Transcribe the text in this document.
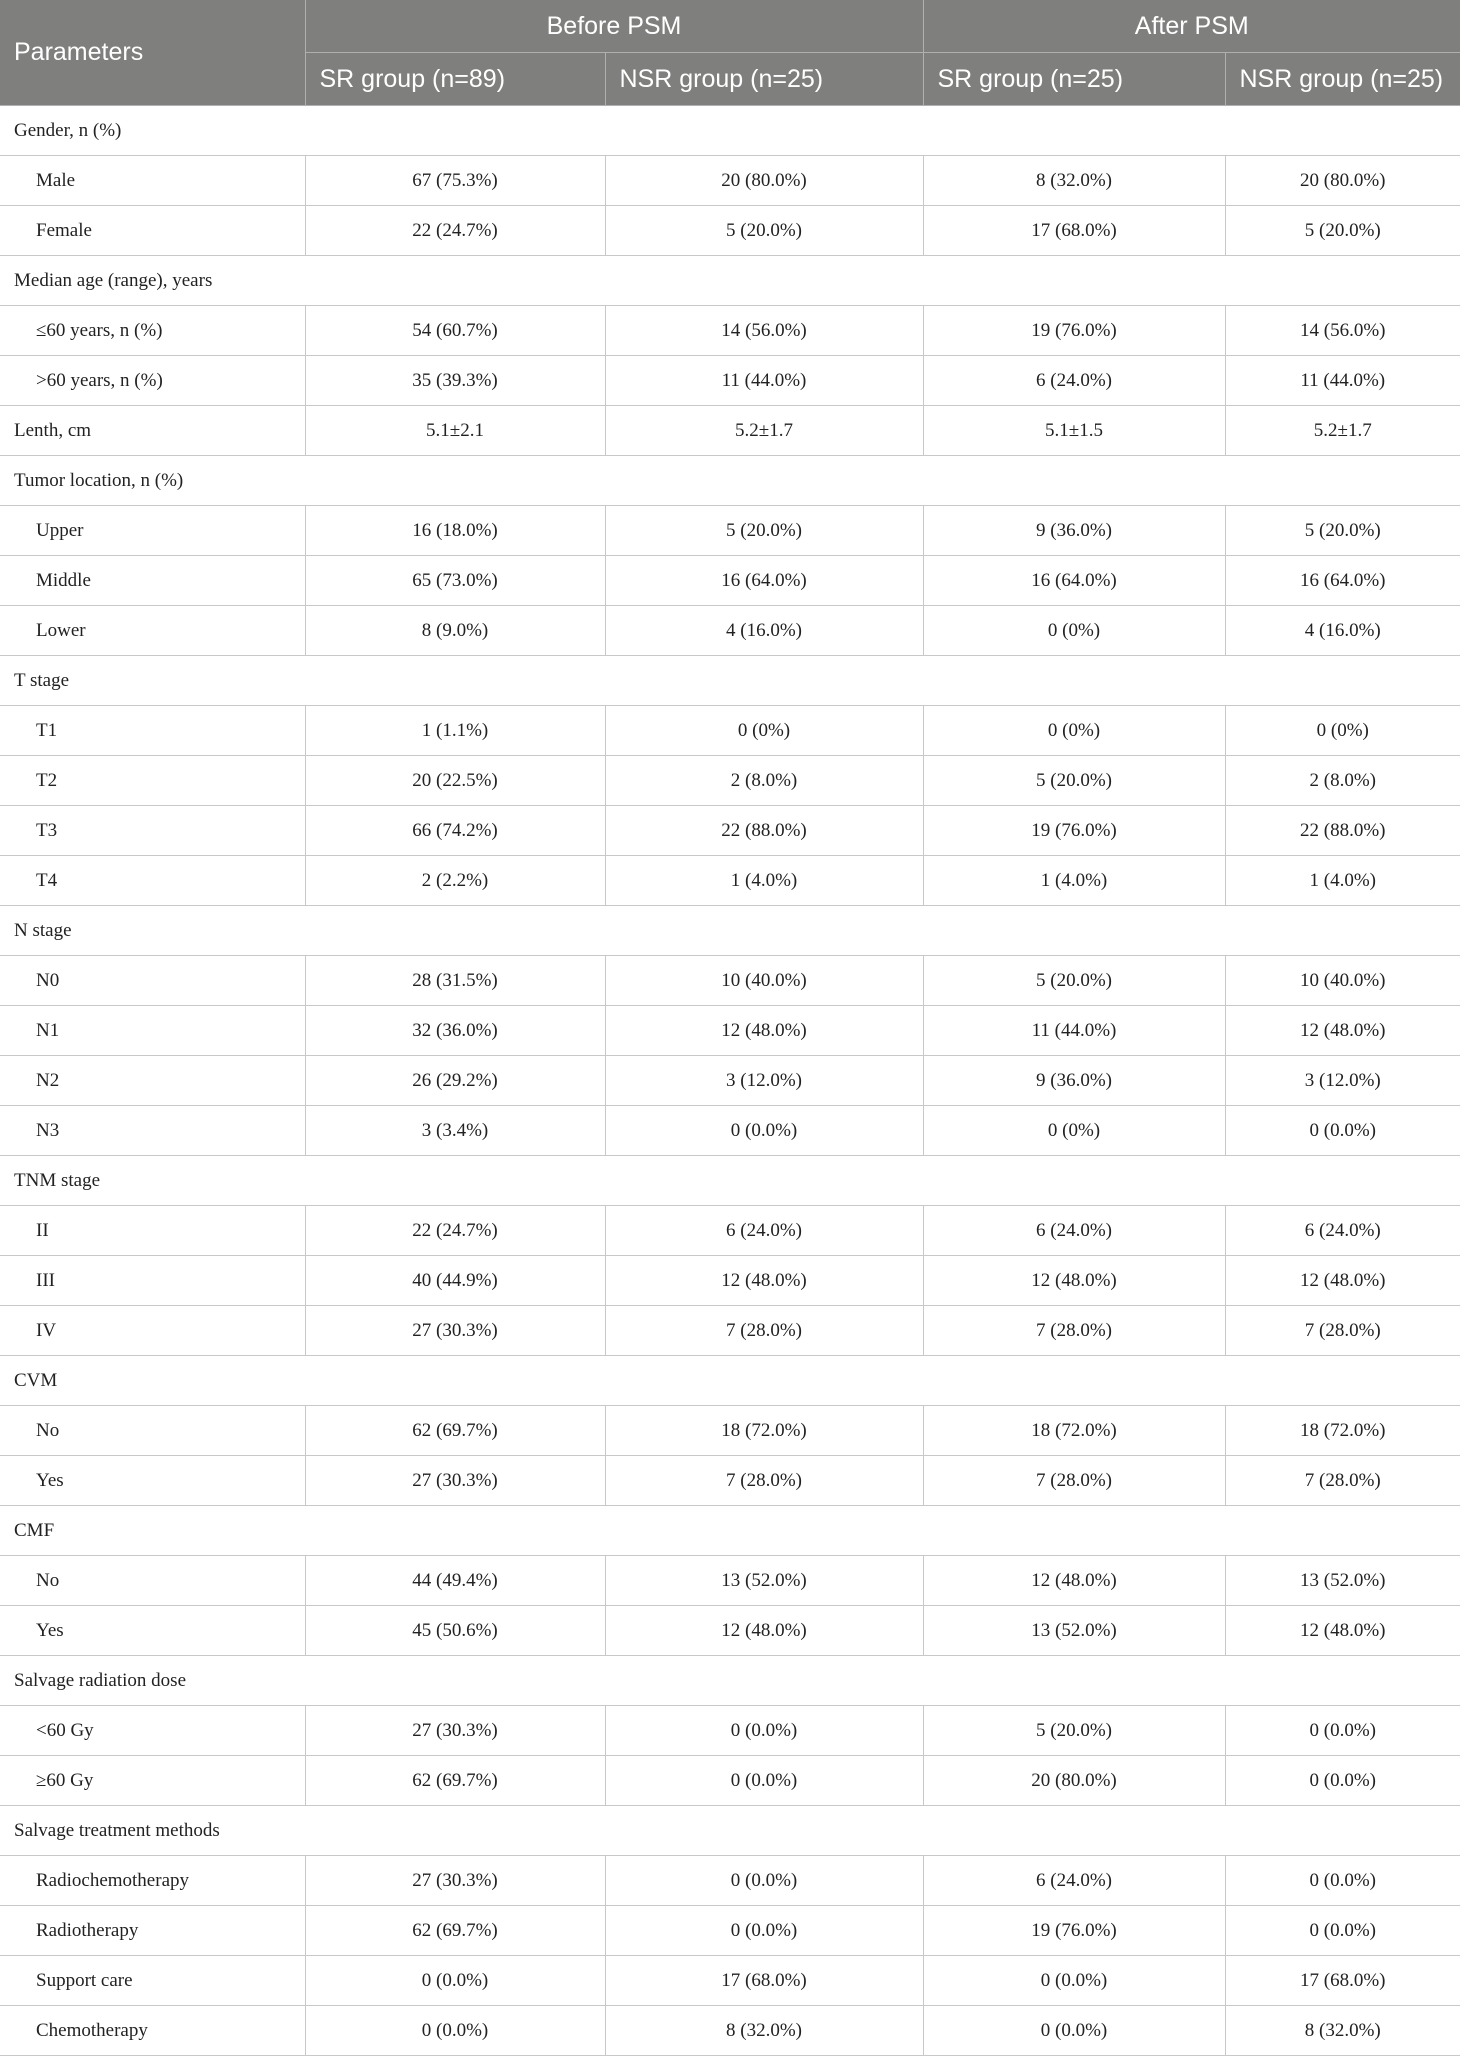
Parameters	Before PSM		After PSM	
	SR group (n=89)	NSR group (n=25)	SR group (n=25)	NSR group (n=25)
Gender, n (%)				
Male	67 (75.3%)	20 (80.0%)	8 (32.0%)	20 (80.0%)
Female	22 (24.7%)	5 (20.0%)	17 (68.0%)	5 (20.0%)
Median age (range), years				
≤60 years, n (%)	54 (60.7%)	14 (56.0%)	19 (76.0%)	14 (56.0%)
>60 years, n (%)	35 (39.3%)	11 (44.0%)	6 (24.0%)	11 (44.0%)
Lenth, cm	5.1±2.1	5.2±1.7	5.1±1.5	5.2±1.7
Tumor location, n (%)				
Upper	16 (18.0%)	5 (20.0%)	9 (36.0%)	5 (20.0%)
Middle	65 (73.0%)	16 (64.0%)	16 (64.0%)	16 (64.0%)
Lower	8 (9.0%)	4 (16.0%)	0 (0%)	4 (16.0%)
T stage				
T1	1 (1.1%)	0 (0%)	0 (0%)	0 (0%)
T2	20 (22.5%)	2 (8.0%)	5 (20.0%)	2 (8.0%)
T3	66 (74.2%)	22 (88.0%)	19 (76.0%)	22 (88.0%)
T4	2 (2.2%)	1 (4.0%)	1 (4.0%)	1 (4.0%)
N stage				
N0	28 (31.5%)	10 (40.0%)	5 (20.0%)	10 (40.0%)
N1	32 (36.0%)	12 (48.0%)	11 (44.0%)	12 (48.0%)
N2	26 (29.2%)	3 (12.0%)	9 (36.0%)	3 (12.0%)
N3	3 (3.4%)	0 (0.0%)	0 (0%)	0 (0.0%)
TNM stage				
II	22 (24.7%)	6 (24.0%)	6 (24.0%)	6 (24.0%)
III	40 (44.9%)	12 (48.0%)	12 (48.0%)	12 (48.0%)
IV	27 (30.3%)	7 (28.0%)	7 (28.0%)	7 (28.0%)
CVM				
No	62 (69.7%)	18 (72.0%)	18 (72.0%)	18 (72.0%)
Yes	27 (30.3%)	7 (28.0%)	7 (28.0%)	7 (28.0%)
CMF				
No	44 (49.4%)	13 (52.0%)	12 (48.0%)	13 (52.0%)
Yes	45 (50.6%)	12 (48.0%)	13 (52.0%)	12 (48.0%)
Salvage radiation dose				
<60 Gy	27 (30.3%)	0 (0.0%)	5 (20.0%)	0 (0.0%)
≥60 Gy	62 (69.7%)	0 (0.0%)	20 (80.0%)	0 (0.0%)
Salvage treatment methods				
Radiochemotherapy	27 (30.3%)	0 (0.0%)	6 (24.0%)	0 (0.0%)
Radiotherapy	62 (69.7%)	0 (0.0%)	19 (76.0%)	0 (0.0%)
Support care	0 (0.0%)	17 (68.0%)	0 (0.0%)	17 (68.0%)
Chemotherapy	0 (0.0%)	8 (32.0%)	0 (0.0%)	8 (32.0%)
